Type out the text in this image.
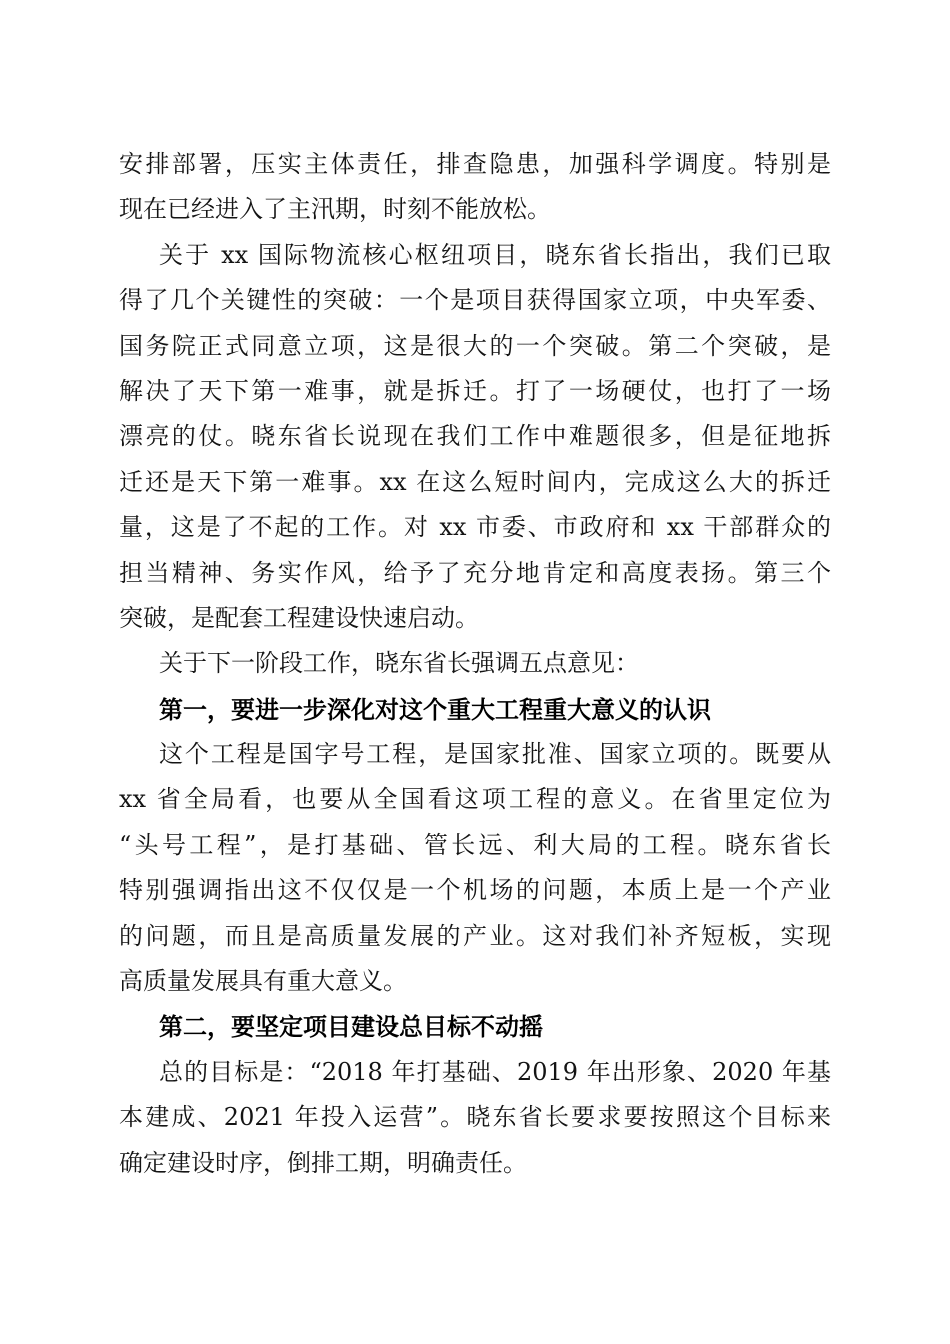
安排部署，压实主体责任，排查隐患，加强科学调度。特别是
现在已经进入了主汛期，时刻不能放松。
关于 xx 国际物流核心枢纽项目，晓东省长指出，我们已取
得了几个关键性的突破：一个是项目获得国家立项，中央军委、
国务院正式同意立项，这是很大的一个突破。第二个突破，是
解决了天下第一难事，就是拆迁。打了一场硬仗，也打了一场
漂亮的仗。晓东省长说现在我们工作中难题很多，但是征地拆
迁还是天下第一难事。xx 在这么短时间内，完成这么大的拆迁
量，这是了不起的工作。对 xx 市委、市政府和 xx 干部群众的
担当精神、务实作风，给予了充分地肯定和高度表扬。第三个
突破，是配套工程建设快速启动。
关于下一阶段工作，晓东省长强调五点意见：
第一，要进一步深化对这个重大工程重大意义的认识
这个工程是国字号工程，是国家批准、国家立项的。既要从
xx 省全局看，也要从全国看这项工程的意义。在省里定位为
“头号工程”，是打基础、管长远、利大局的工程。晓东省长
特别强调指出这不仅仅是一个机场的问题，本质上是一个产业
的问题，而且是高质量发展的产业。这对我们补齐短板，实现
高质量发展具有重大意义。
第二，要坚定项目建设总目标不动摇
总的目标是：“2018 年打基础、2019 年出形象、2020 年基
本建成、2021 年投入运营”。晓东省长要求要按照这个目标来
确定建设时序，倒排工期，明确责任。
